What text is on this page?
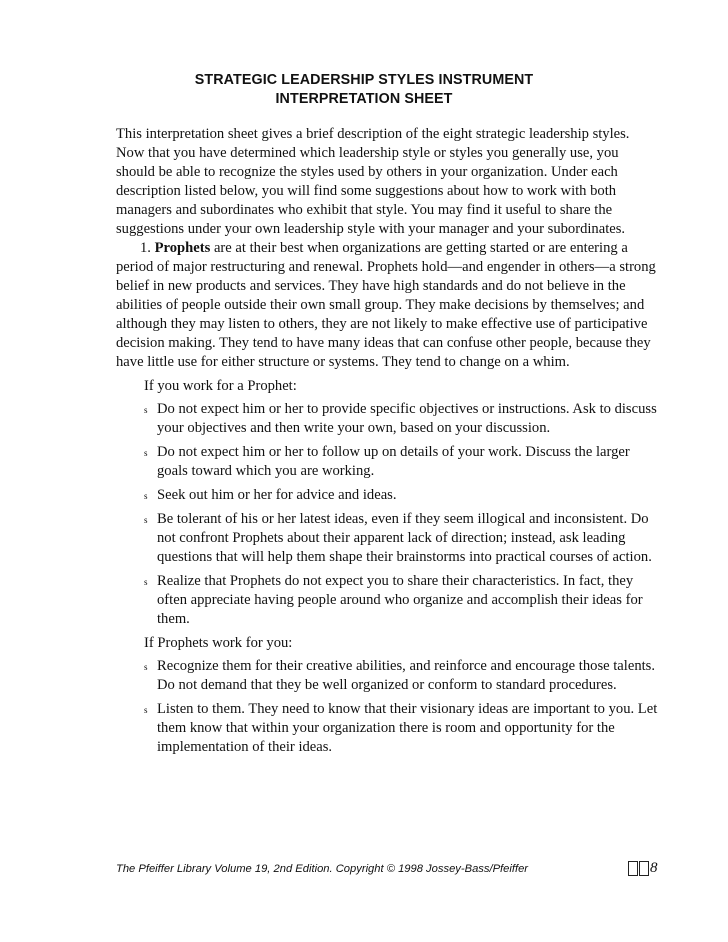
STRATEGIC LEADERSHIP STYLES INSTRUMENT
INTERPRETATION SHEET

This interpretation sheet gives a brief description of the eight strategic leadership styles. Now that you have determined which leadership style or styles you generally use, you should be able to recognize the styles used by others in your organization. Under each description listed below, you will find some suggestions about how to work with both managers and subordinates who exhibit that style. You may find it useful to share the suggestions under your own leadership style with your manager and your subordinates.

1. Prophets are at their best when organizations are getting started or are entering a period of major restructuring and renewal. Prophets hold—and engender in others—a strong belief in new products and services. They have high standards and do not believe in the abilities of people outside their own small group. They make decisions by themselves; and although they may listen to others, they are not likely to make effective use of participative decision making. They tend to have many ideas that can confuse other people, because they have little use for either structure or systems. They tend to change on a whim.

If you work for a Prophet:

s Do not expect him or her to provide specific objectives or instructions. Ask to discuss your objectives and then write your own, based on your discussion.
s Do not expect him or her to follow up on details of your work. Discuss the larger goals toward which you are working.
s Seek out him or her for advice and ideas.
s Be tolerant of his or her latest ideas, even if they seem illogical and inconsistent. Do not confront Prophets about their apparent lack of direction; instead, ask leading questions that will help them shape their brainstorms into practical courses of action.
s Realize that Prophets do not expect you to share their characteristics. In fact, they often appreciate having people around who organize and accomplish their ideas for them.

If Prophets work for you:

s Recognize them for their creative abilities, and reinforce and encourage those talents. Do not demand that they be well organized or conform to standard procedures.
s Listen to them. They need to know that their visionary ideas are important to you. Let them know that within your organization there is room and opportunity for the implementation of their ideas.
The Pfeiffer Library Volume 19, 2nd Edition. Copyright © 1998 Jossey-Bass/Pfeiffer	8
